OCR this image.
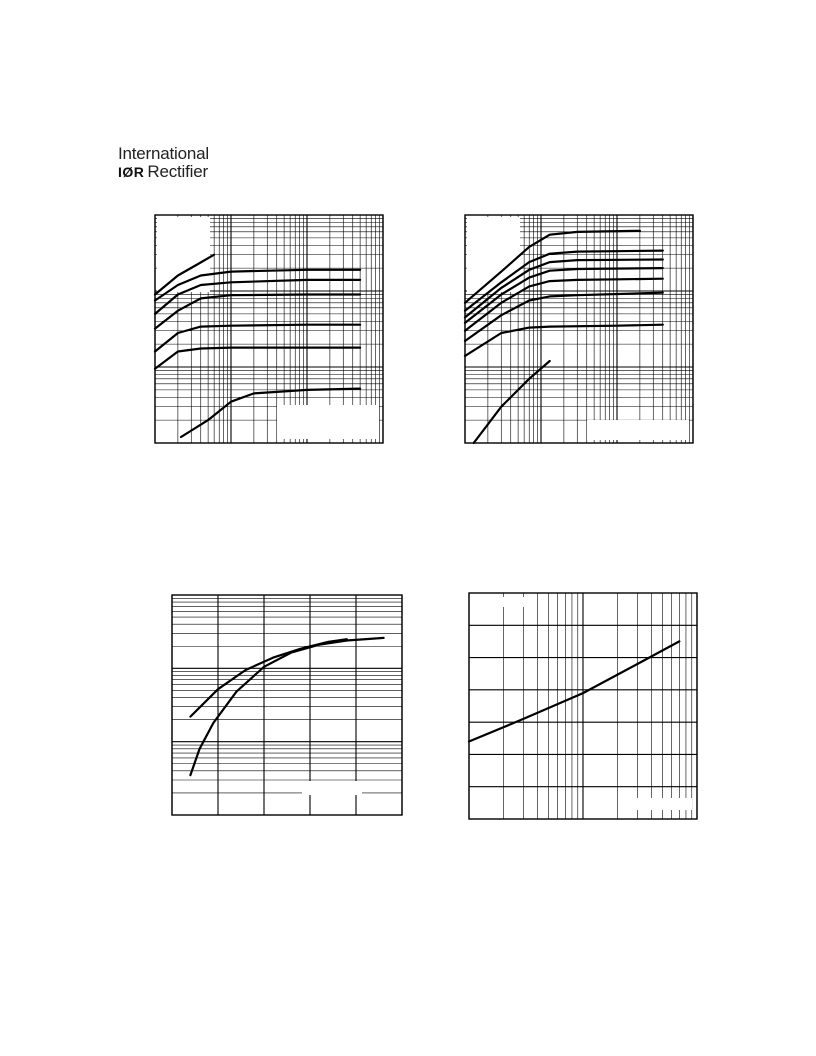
International
IØR Rectifier
